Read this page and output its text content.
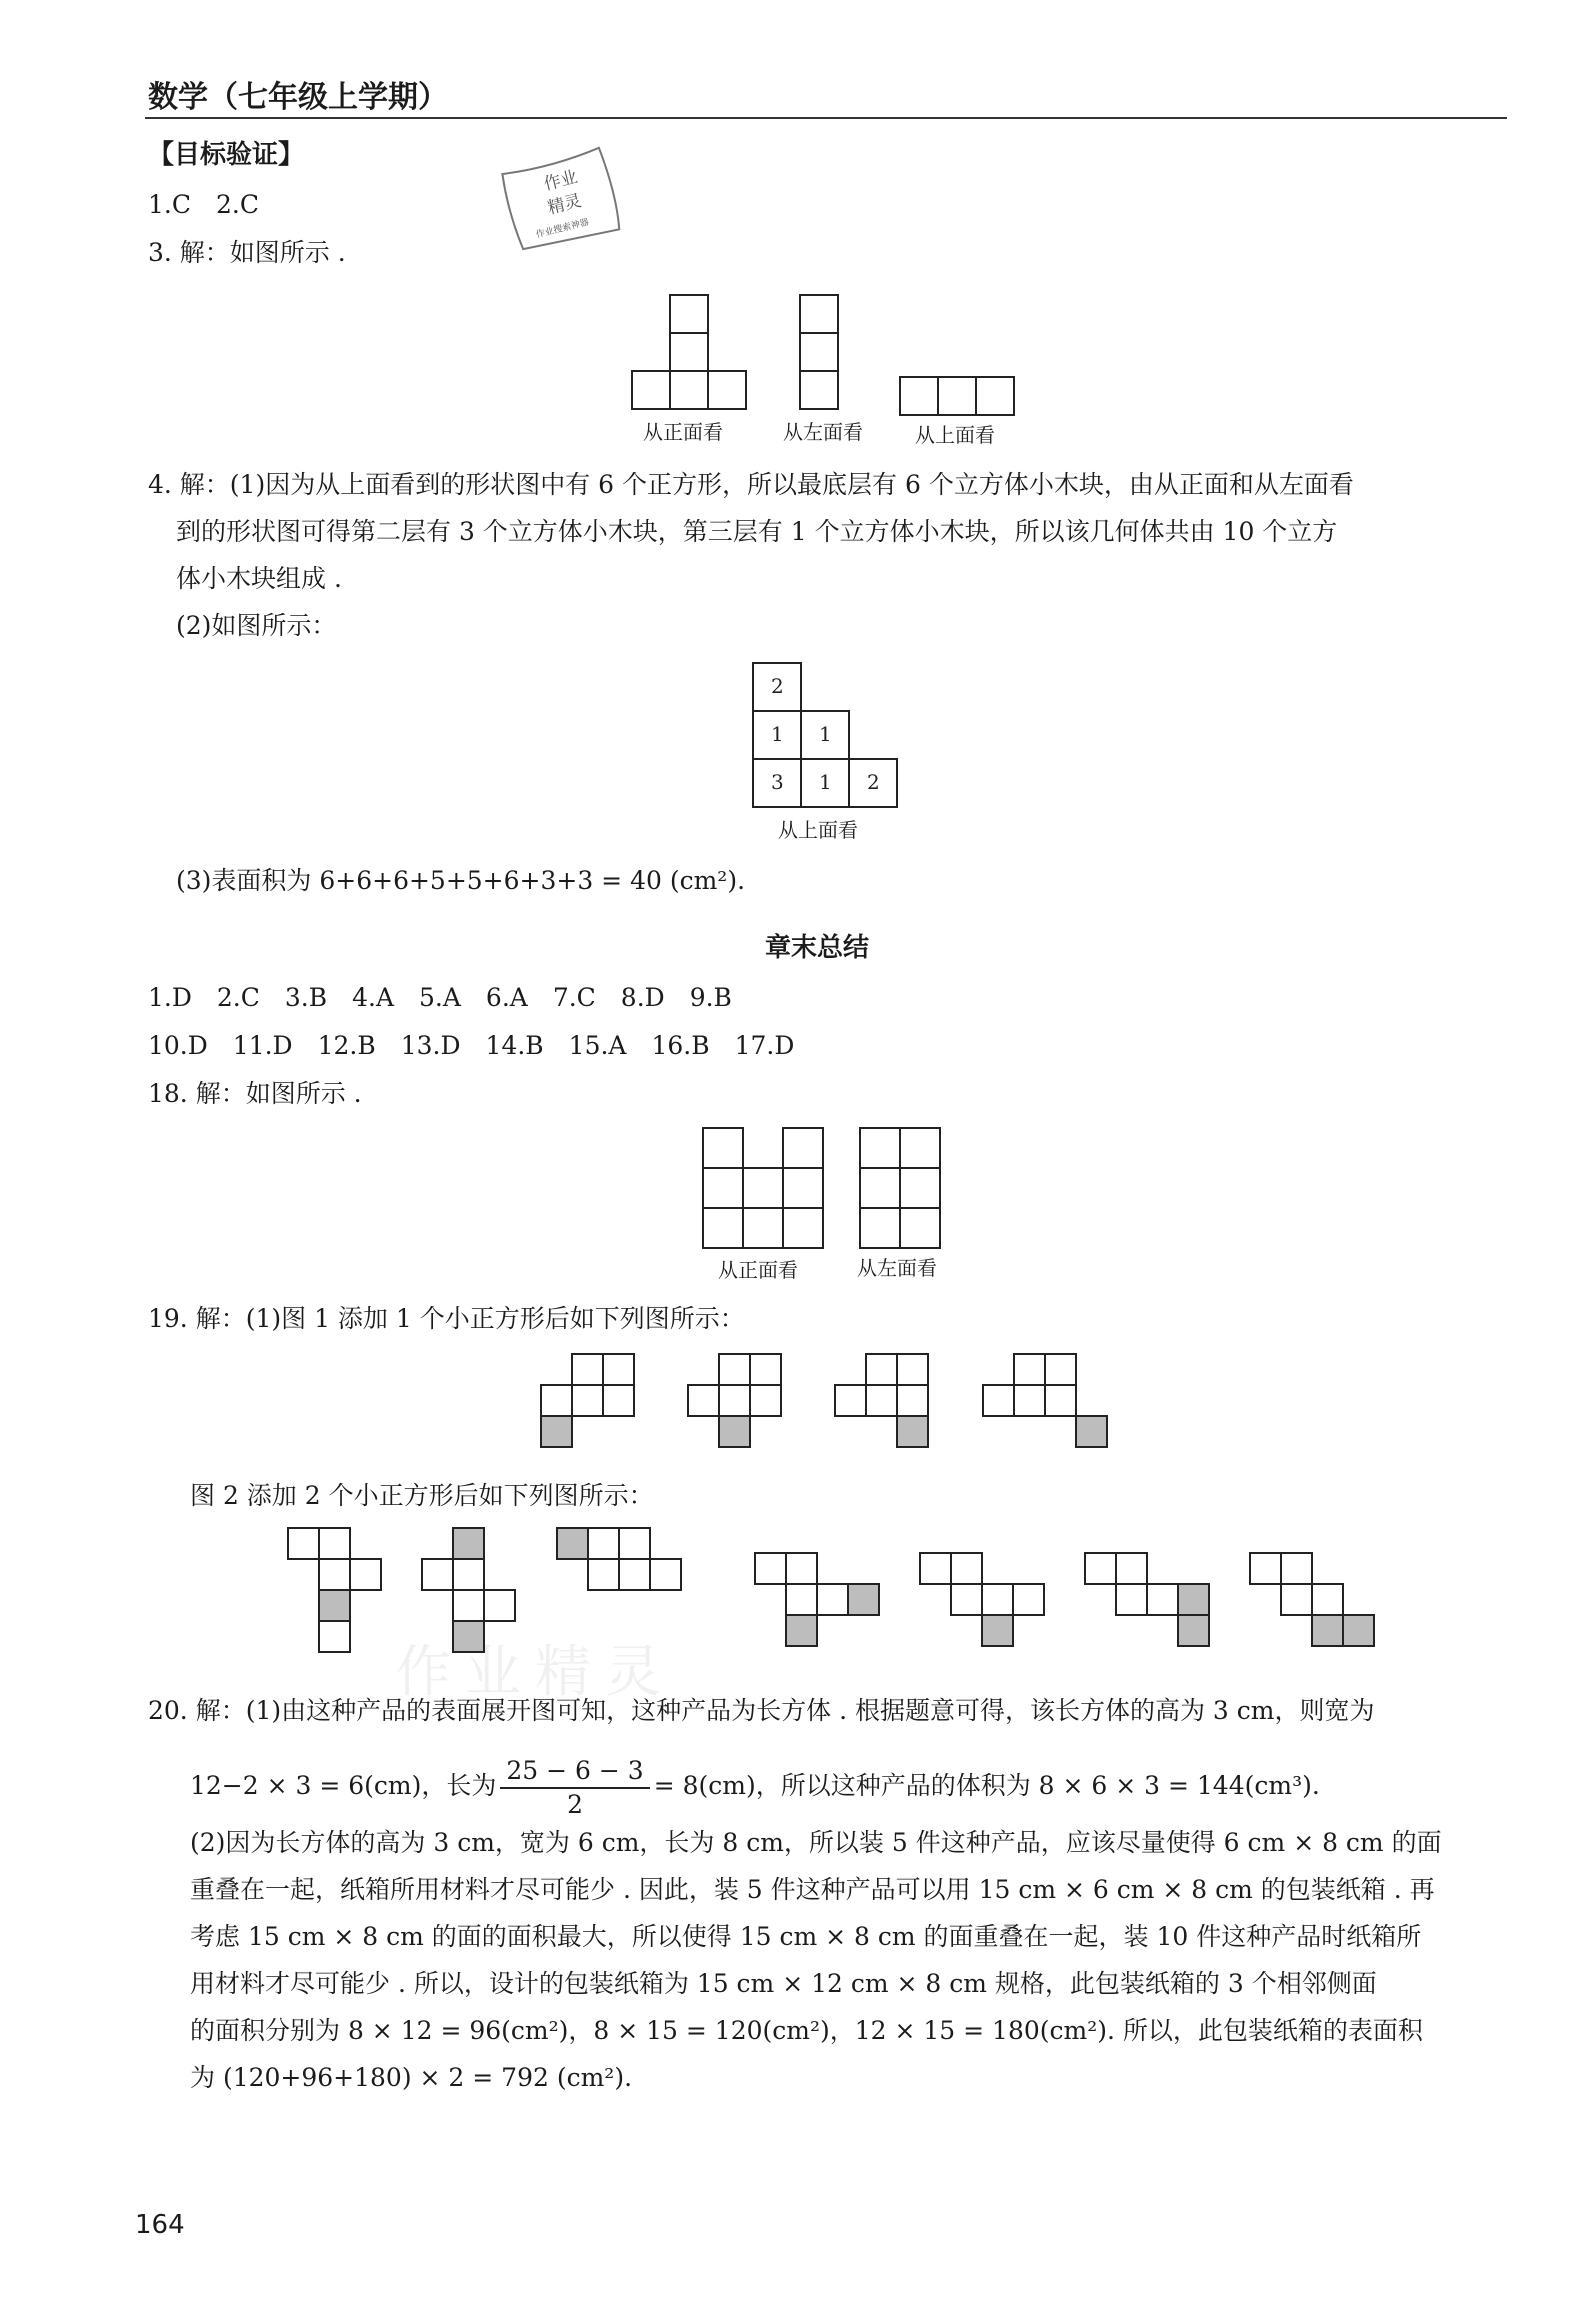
数学（七年级上学期）
作业
精灵
作业搜索神器
【目标验证】
1.C　2.C
3. 解：如图所示 .
从正面看	从左面看	从上面看
4. 解：(1)因为从上面看到的形状图中有 6 个正方形，所以最底层有 6 个立方体小木块，由从正面和从左面看
到的形状图可得第二层有 3 个立方体小木块，第三层有 1 个立方体小木块，所以该几何体共由 10 个立方
体小木块组成 .
(2)如图所示：
2
1 1
3 1 2
从上面看
(3)表面积为 6+6+6+5+5+6+3+3 = 40 (cm²).
章末总结
1.D　2.C　3.B　4.A　5.A　6.A　7.C　8.D　9.B
10.D　11.D　12.B　13.D　14.B　15.A　16.B　17.D
18. 解：如图所示 .
从正面看	从左面看
19. 解：(1)图 1 添加 1 个小正方形后如下列图所示：
图 2 添加 2 个小正方形后如下列图所示：
作业精灵
20. 解：(1)由这种产品的表面展开图可知，这种产品为长方体 . 根据题意可得，该长方体的高为 3 cm，则宽为
12−2 × 3 = 6(cm)，长为 $\frac{25 - 6 - 3}{2} = 8(cm)$，所以这种产品的体积为 8 × 6 × 3 = 144(cm³).
(2)因为长方体的高为 3 cm，宽为 6 cm，长为 8 cm，所以装 5 件这种产品，应该尽量使得 6 cm × 8 cm 的面
重叠在一起，纸箱所用材料才尽可能少 . 因此，装 5 件这种产品可以用 15 cm × 6 cm × 8 cm 的包装纸箱 . 再
考虑 15 cm × 8 cm 的面的面积最大，所以使得 15 cm × 8 cm 的面重叠在一起，装 10 件这种产品时纸箱所
用材料才尽可能少 . 所以，设计的包装纸箱为 15 cm × 12 cm × 8 cm 规格，此包装纸箱的 3 个相邻侧面
的面积分别为 8 × 12 = 96(cm²)，8 × 15 = 120(cm²)，12 × 15 = 180(cm²). 所以，此包装纸箱的表面积
为 (120+96+180) × 2 = 792 (cm²).
164
